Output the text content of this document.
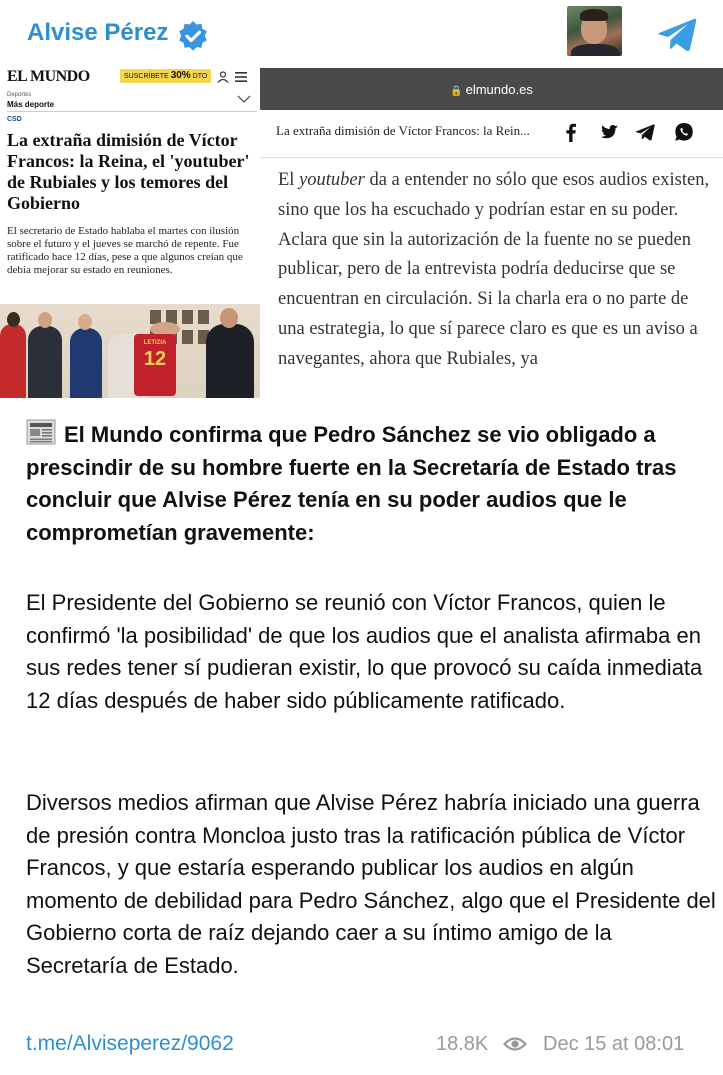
Alvise Pérez
EL MUNDO	SUSCRÍBETE 30% DTO
Deportes
Más deporte
CSD
La extraña dimisión de Víctor Francos: la Reina, el 'youtuber' de Rubiales y los temores del Gobierno
El secretario de Estado hablaba el martes con ilusión sobre el futuro y el jueves se marchó de repente. Fue ratificado hace 12 días, pese a que algunos creían que debía mejorar su estado en reuniones.
LETIZIA
12
🔒 elmundo.es
La extraña dimisión de Víctor Francos: la Rein...
El youtuber da a entender no sólo que esos audios existen, sino que los ha escuchado y podrían estar en su poder. Aclara que sin la autorización de la fuente no se pueden publicar, pero de la entrevista podría deducirse que se encuentran en circulación. Si la charla era o no parte de una estrategia, lo que sí parece claro es que es un aviso a navegantes, ahora que Rubiales, ya
El Mundo confirma que Pedro Sánchez se vio obligado a prescindir de su hombre fuerte en la Secretaría de Estado tras concluir que Alvise Pérez tenía en su poder audios que le comprometían gravemente:
El Presidente del Gobierno se reunió con Víctor Francos, quien le confirmó 'la posibilidad' de que los audios que el analista afirmaba en sus redes tener sí pudieran existir, lo que provocó su caída inmediata 12 días después de haber sido públicamente ratificado.
Diversos medios afirman que Alvise Pérez habría iniciado una guerra de presión contra Moncloa justo tras la ratificación pública de Víctor Francos, y que estaría esperando publicar los audios en algún momento de debilidad para Pedro Sánchez, algo que el Presidente del Gobierno corta de raíz dejando caer a su íntimo amigo de la Secretaría de Estado.
t.me/Alviseperez/9062	18.8K	Dec 15 at 08:01
